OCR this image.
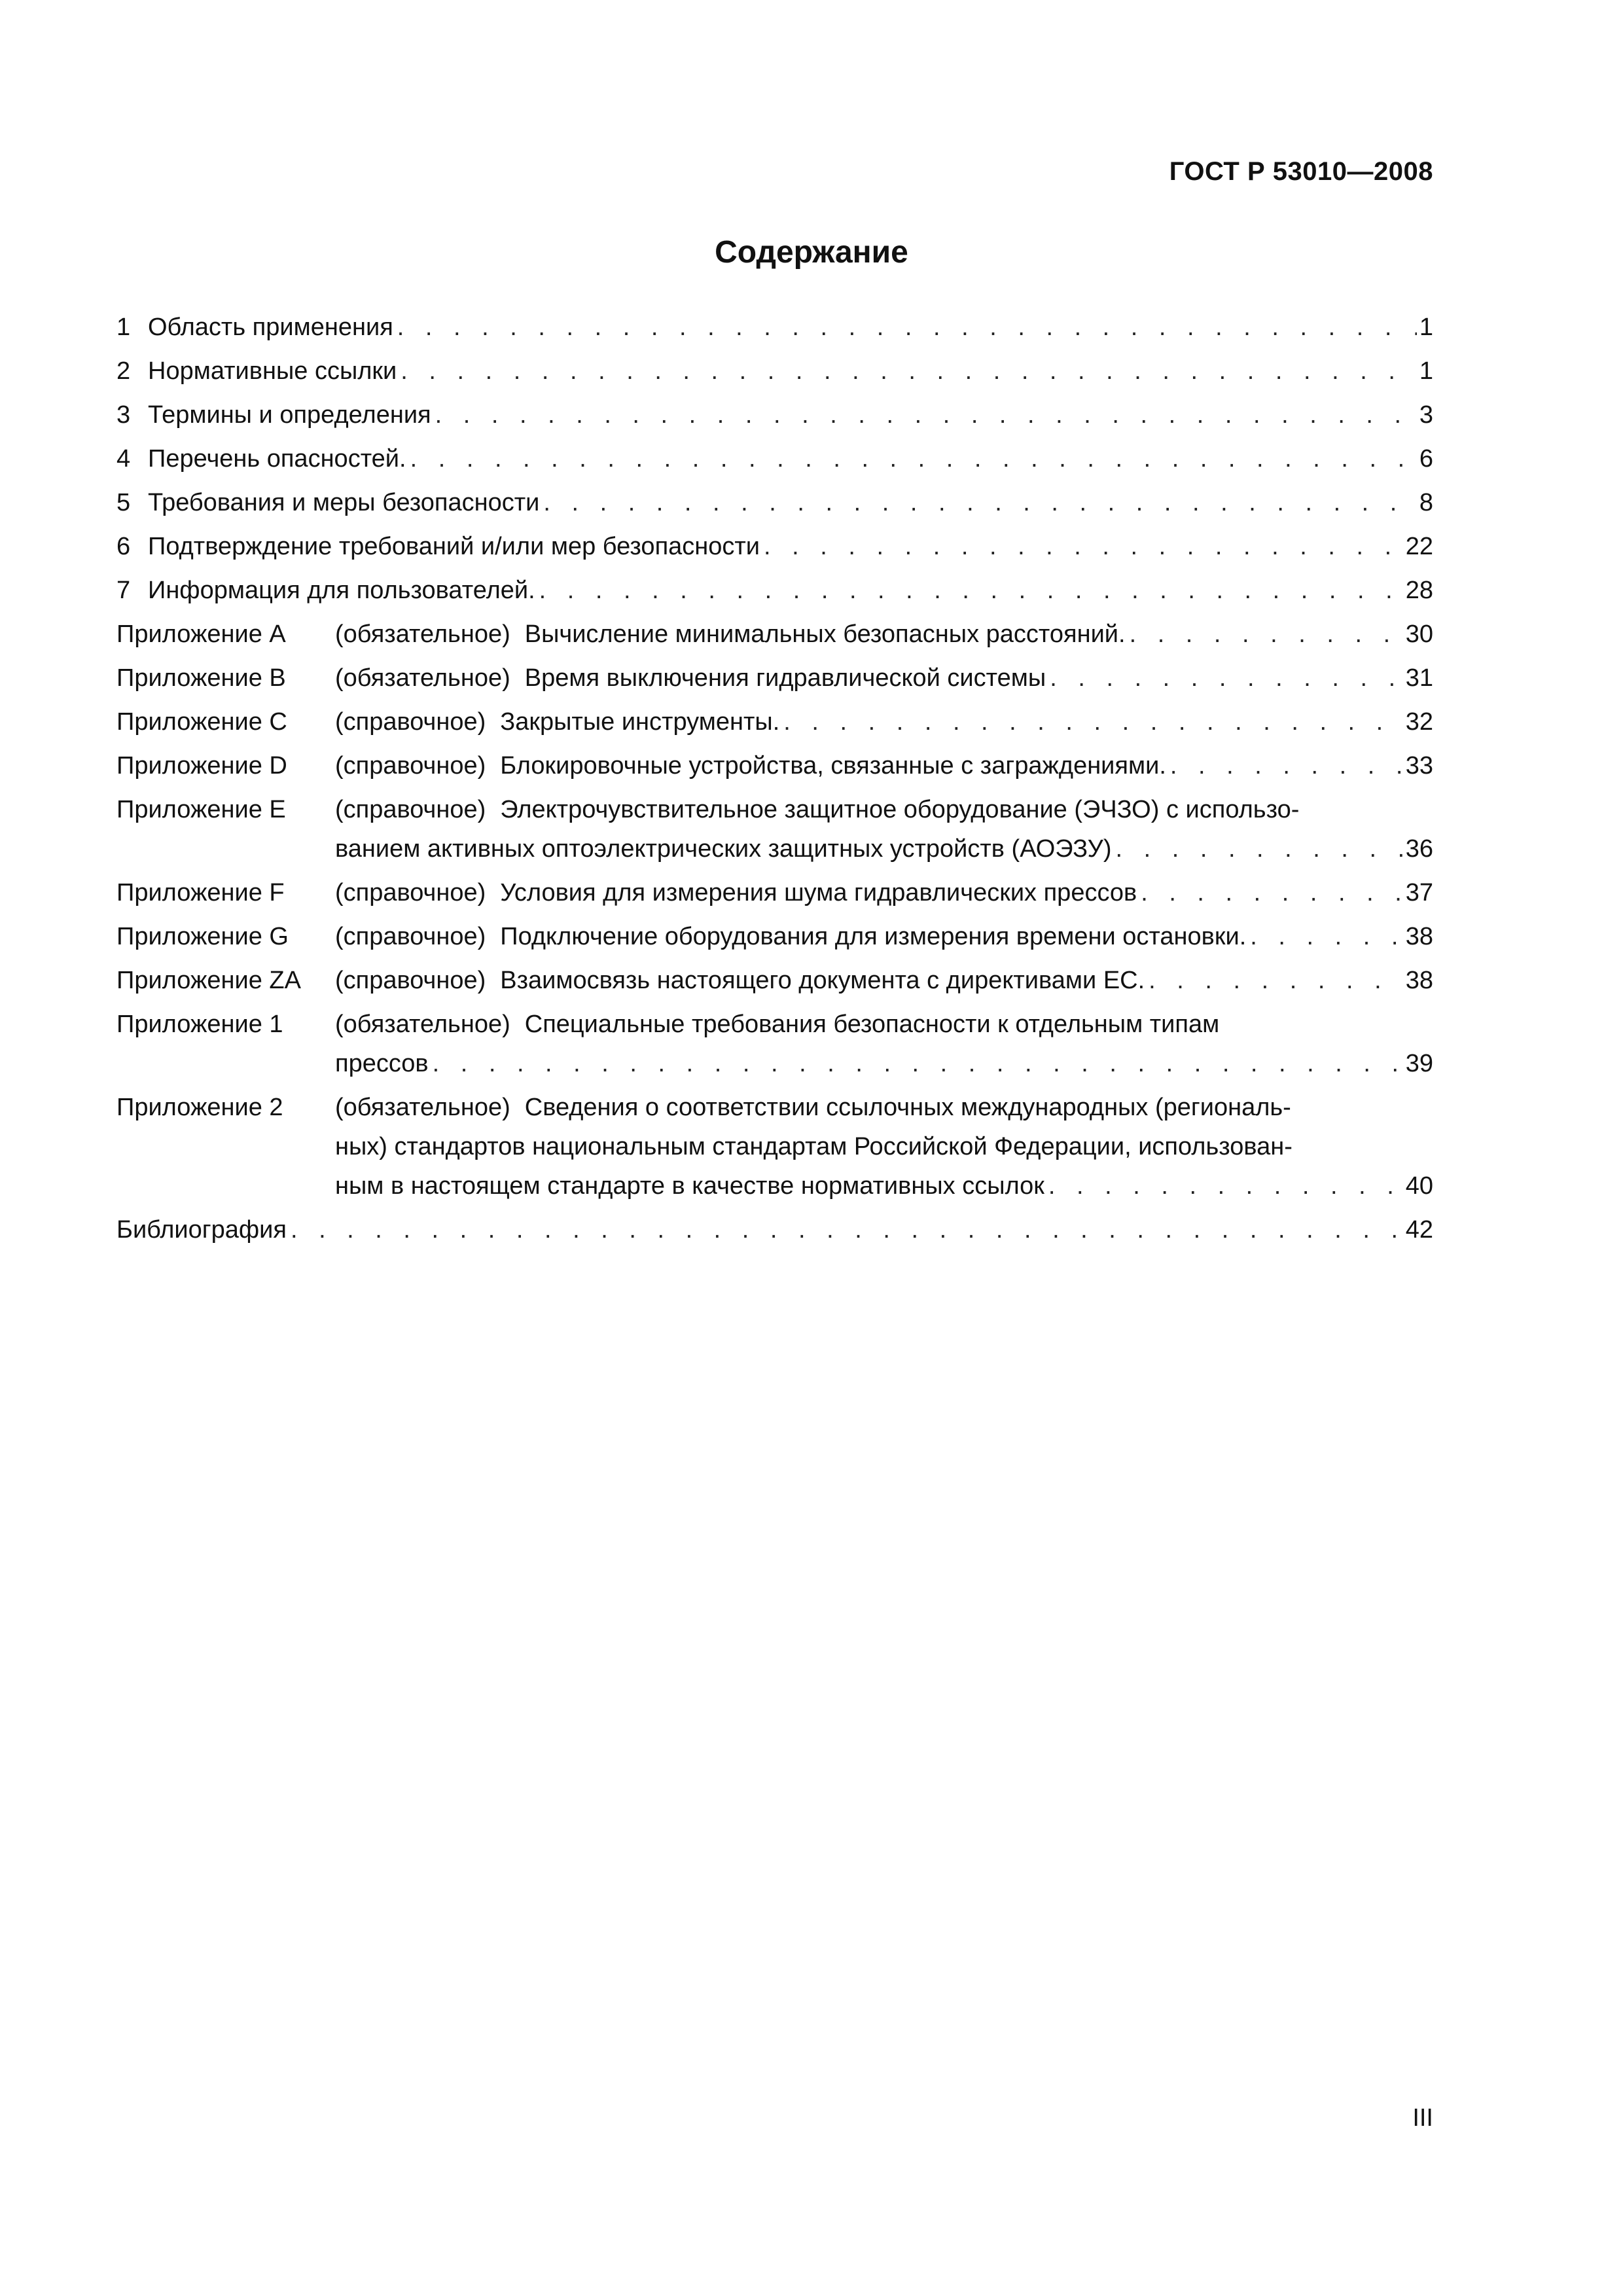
ГОСТ Р 53010—2008
Содержание
1 Область применения . . .	1
2 Нормативные ссылки . . .	1
3 Термины и определения . . .	3
4 Перечень опасностей. . . .	6
5 Требования и меры безопасности . . .	8
6 Подтверждение требований и/или мер безопасности . . .	22
7 Информация для пользователей. . . .	28
Приложение A	(обязательное) Вычисление минимальных безопасных расстояний. . . .	30
Приложение B	(обязательное) Время выключения гидравлической системы . . .	31
Приложение C	(справочное) Закрытые инструменты. . . .	32
Приложение D	(справочное) Блокировочные устройства, связанные с заграждениями. . . .	33
Приложение E	(справочное) Электрочувствительное защитное оборудование (ЭЧЗО) с использо-
ванием активных оптоэлектрических защитных устройств (АОЭЗУ) . . .	36
Приложение F	(справочное) Условия для измерения шума гидравлических прессов . . .	37
Приложение G	(справочное) Подключение оборудования для измерения времени остановки. . . .	38
Приложение ZA	(справочное) Взаимосвязь настоящего документа с директивами ЕС. . . .	38
Приложение 1	(обязательное) Специальные требования безопасности к отдельным типам
прессов . . .	39
Приложение 2	(обязательное) Сведения о соответствии ссылочных международных (региональ-
ных) стандартов национальным стандартам Российской Федерации, использован-
ным в настоящем стандарте в качестве нормативных ссылок . . .	40
Библиография . . .	42
III
